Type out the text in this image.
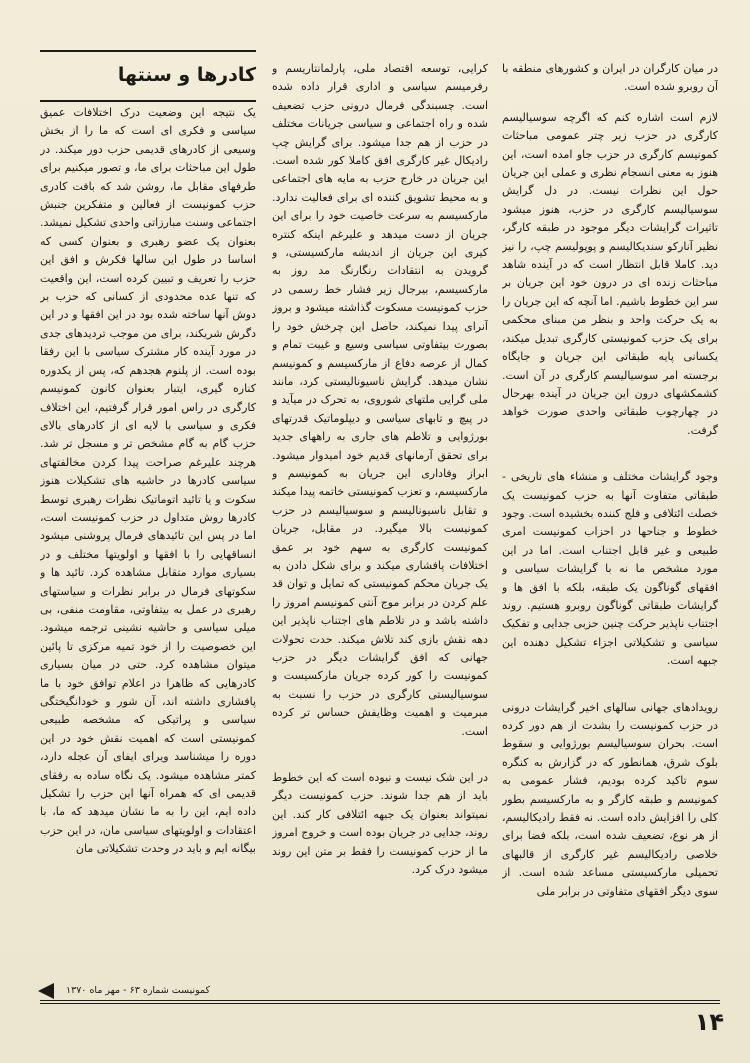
کادرها و سنتها	در میان کارگران در ایران و کشورهای منطقه با آن روبرو شده است.

لازم است اشاره کنم که اگرچه سوسیالیسم کارگری در حزب زیر چتر عمومی مباحثات کمونیسم کارگری در حزب جاو امده است، این هنوز به معنی انسجام نظری و عملی این جریان حول این نظرات نیست. در دل گرایش سوسیالیسم کارگری در حزب، هنوز میشود تاثیرات گرایشات دیگر موجود در طبقه کارگر، نظیر آنارکو سندیکالیسم و پوپولیسم چپ، را نیز دید. کاملا قابل انتظار است که در آینده شاهد مباحثات زنده ای در درون خود این جریان بر سر این خطوط باشیم. اما آنچه که این جریان را به یک حرکت واحد و بنظر من مبنای محکمی برای یک حزب کمونیستی کارگری تبدیل میکند، یکسانی پایه طبقاتی این جریان و جایگاه برجسته امر سوسیالیسم کارگری در آن است. کشمکشهای درون این جریان در آینده بهرحال در چهارچوب طبقاتی واحدی صورت خواهد گرفت.

وجود گرایشات مختلف و منشاء های تاریخی - طبقاتی متفاوت آنها به حزب کمونیست یک خصلت ائتلافی و فلج کننده بخشیده است. وجود خطوط و جناحها در احزاب کمونیست امری طبیعی و غیر قابل اجتناب است. اما در این مورد مشخص ما نه با گرایشات سیاسی و افقهای گوناگون یک طبقه، بلکه با افق ها و گرایشات طبقاتی گوناگون روبرو هستیم. روند اجتناب ناپذیر حرکت چنین حزبی جدایی و تفکیک سیاسی و تشکیلاتی اجزاء تشکیل دهنده این جبهه است.

رویدادهای جهانی سالهای اخیر گرایشات درونی در حزب کمونیست را بشدت از هم دور کرده است. بحران سوسیالیسم بورژوایی و سقوط بلوک شرق، همانطور که در گزارش به کنگره سوم تاکید کرده بودیم، فشار عمومی به کمونیسم و طبقه کارگر و به مارکسیسم بطور کلی را افزایش داده است. نه فقط رادیکالیسم، از هر نوع، تضعیف شده است، بلکه فضا برای خلاصی رادیکالیسم غیر کارگری از قالبهای تحمیلی مارکسیستی مساعد شده است. از سوی دیگر افقهای متفاوتی در برابر ملی

کرایی، توسعه اقتصاد ملی، پارلمانتاریسم و رفرمیسم سیاسی و اداری قرار داده شده است. چسبندگی فرمال درونی حزب تضعیف شده و راه اجتماعی و سیاسی جریانات مختلف در حزب از هم جدا میشود. برای گرایش چپ رادیکال غیر کارگری افق کاملا کور شده است. این جریان در خارج حزب به مایه های اجتماعی و به محیط تشویق کننده ای برای فعالیت ندارد. مارکسیسم به سرعت خاصیت خود را برای این جریان از دست میدهد و علیرغم اینکه کنتره کیری این جریان از اندیشه مارکسیستی، و گرویدن به انتقادات رنگارنگ مد روز به مارکسیسم، بیرجال زیر فشار خط رسمی در حزب کمونیست مسکوت گذاشته میشود و بروز آنرای پیدا نمیکند، حاصل این چرخش خود را بصورت بیتفاوتی سیاسی وسیع و غیبت تمام و کمال از عرصه دفاع از مارکسیسم و کمونیسم نشان میدهد. گرایش ناسیونالیستی کرد، مانند ملی گرایی ملتهای شوروی، به تحرک در میآید و در پیچ و تابهای سیاسی و دیپلوماتیک قدرتهای بورژوایی و تلاطم های جاری به راههای جدید برای تحقق آرمانهای قدیم خود امیدوار میشود. ابراز وفاداری این جریان به کمونیسم و مارکسیسم، و تعزب کمونیستی خاتمه پیدا میکند و تقابل ناسیونالیسم و سوسیالیسم در حزب کمونیست بالا میگیرد. در مقابل، جریان کمونیست کارگری به سهم خود بر عمق اختلافات پافشاری میکند و برای شکل دادن به یک جریان محکم کمونیستی که تمایل و توان قد علم کردن در برابر موج آنتی کمونیسم امروز را داشته باشد و در تلاطم های اجتناب ناپذیر این دهه نقش بازی کند تلاش میکند. حدت تحولات جهانی که افق گرایشات دیگر در حزب کمونیست را کور کرده جریان مارکسیست و سوسیالیستی کارگری در حزب را نسبت به مبرمیت و اهمیت وظایفش حساس تر کرده است.

در این شک نیست و نبوده است که این خطوط باید از هم جدا شوند. حزب کمونیست دیگر نمیتواند بعنوان یک جبهه ائتلافی کار کند. این روند، جدایی در جریان بوده است و خروج امروز ما از حزب کمونیست را فقط بر متن این روند میشود درک کرد.

یک نتیجه این وضعیت درک اختلافات عمیق سیاسی و فکری ای است که ما را از بخش وسیعی از کادرهای قدیمی حزب دور میکند. در طول این مباحثات برای ما، و تصور میکنیم برای طرفهای مقابل ما، روشن شد که بافت کادری حزب کمونیست از فعالین و متفکرین جنبش اجتماعی وسنت مبارزاتی واحدی تشکیل نمیشد. بعنوان یک عضو رهبری و بعنوان کسی که اساسا در طول این سالها فکرش و افق این حزب را تعریف و تبیین کرده است، این واقعیت که تنها عده محدودی از کسانی که حزب بر دوش آنها ساخته شده بود در این افقها و در این دگرش شریکند، برای من موجب تردیدهای جدی در مورد آینده کار مشترک سیاسی با این رفقا بوده است. از پلنوم هجدهم که، پس از یکدوره کناره گیری، ایتبار بعنوان کانون کمونیسم کارگری در راس امور قرار گرفتیم، این اختلاف فکری و سیاسی با لایه ای از کادرهای بالای حزب گام به گام مشخص تر و مسجل تر شد. هرچند علیرغم صراحت پیدا کردن مخالفتهای سیاسی کادرها در حاشیه های تشکیلات هنوز سکوت و یا تائید اتوماتیک نظرات رهبری توسط کادرها روش متداول در حزب کمونیست است، اما در پس این تائیدهای فرمال پروشنی میشود انساقهایی را با افقها و اولویتها مختلف و در بسیاری موارد متقابل مشاهده کرد. تائید ها و سکوتهای فرمال در برابر نظرات و سیاستهای رهبری در عمل به بیتفاوتی، مقاومت منفی، بی میلی سیاسی و حاشیه نشینی ترجمه میشود. این خصوصیت را از خود تمیه مرکزی تا پائین میتوان مشاهده کرد. حتی در میان بسیاری کادرهایی که ظاهرا در اعلام توافق خود با ما پافشاری داشته اند، آن شور و خودانگیختگی سیاسی و پراتیکی که مشخصه طبیعی کمونیستی است که اهمیت نقش خود در این دوره را میشناسد ویرای ایفای آن عجله دارد، کمتر مشاهده میشود. یک نگاه ساده به رفقای قدیمی ای که همراه آنها این حزب را تشکیل داده ایم، این را به ما نشان میدهد که ما، با اعتقادات و اولویتهای سیاسی مان، در این حزب بیگانه ایم و باید در وحدت تشکیلاتی مان

کمونیست شماره ۶۳ - مهر ماه ۱۳۷۰
۱۴
